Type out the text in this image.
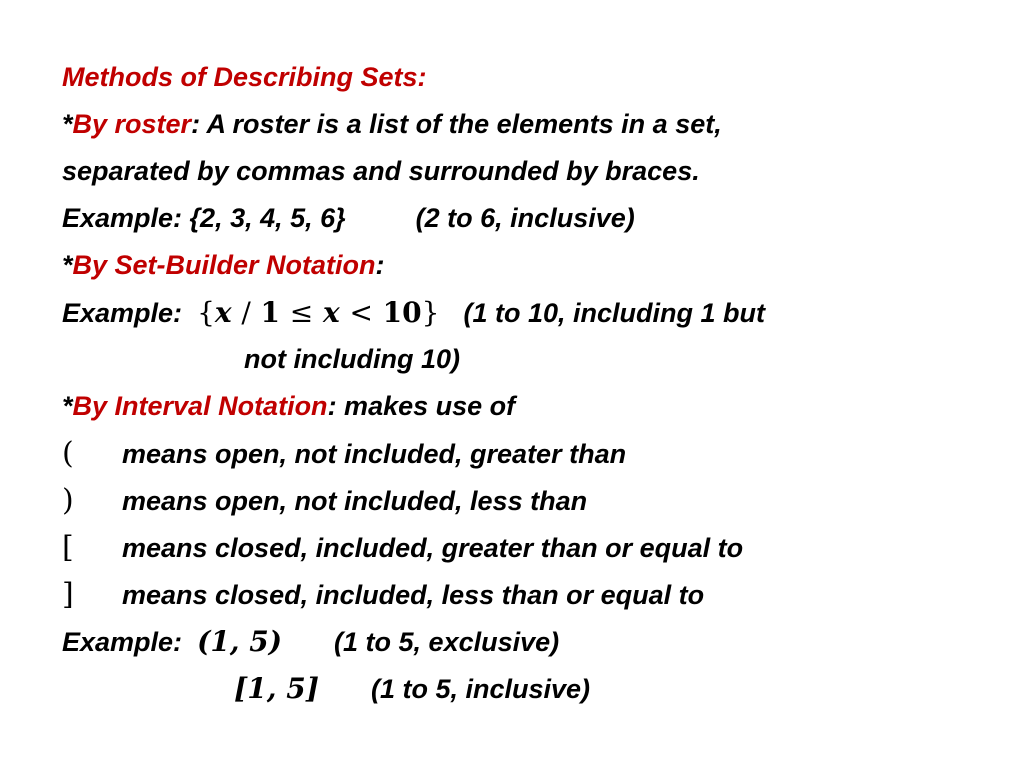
Methods of Describing Sets:
*By roster: A roster is a list of the elements in a set,
separated by commas and surrounded by braces.
Example: {2, 3, 4, 5, 6}	(2 to 6, inclusive)
*By Set-Builder Notation:
Example: {x / 1 ≤ x < 10} (1 to 10, including 1 but
not including 10)
*By Interval Notation: makes use of
( means open, not included, greater than
) means open, not included, less than
[ means closed, included, greater than or equal to
] means closed, included, less than or equal to
Example: (1, 5) (1 to 5, exclusive)
[1, 5] (1 to 5, inclusive)
